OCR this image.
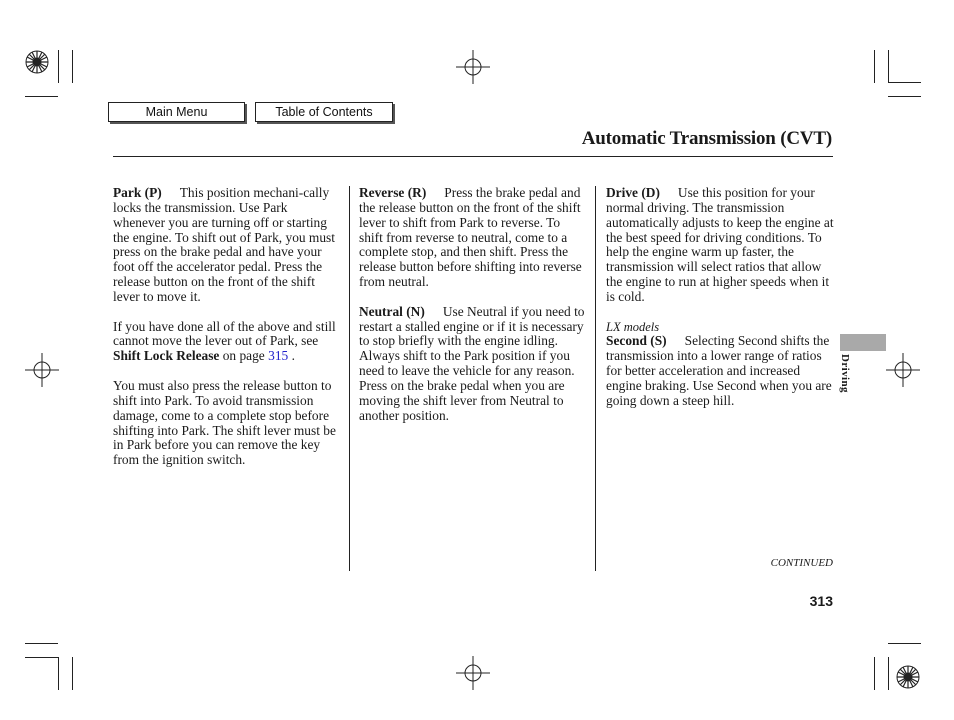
Main Menu	Table of Contents
Automatic Transmission (CVT)

Park (P) This position mechani-cally locks the transmission. Use Park whenever you are turning off or starting the engine. To shift out of Park, you must press on the brake pedal and have your foot off the accelerator pedal. Press the release button on the front of the shift lever to move it.

If you have done all of the above and still cannot move the lever out of Park, see Shift Lock Release on page 315 .

You must also press the release button to shift into Park. To avoid transmission damage, come to a complete stop before shifting into Park. The shift lever must be in Park before you can remove the key from the ignition switch.

Reverse (R) Press the brake pedal and the release button on the front of the shift lever to shift from Park to reverse. To shift from reverse to neutral, come to a complete stop, and then shift. Press the release button before shifting into reverse from neutral.

Neutral (N) Use Neutral if you need to restart a stalled engine or if it is necessary to stop briefly with the engine idling. Always shift to the Park position if you need to leave the vehicle for any reason. Press on the brake pedal when you are moving the shift lever from Neutral to another position.

Drive (D) Use this position for your normal driving. The transmission automatically adjusts to keep the engine at the best speed for driving conditions. To help the engine warm up faster, the transmission will select ratios that allow the engine to run at higher speeds when it is cold.

LX models

Second (S) Selecting Second shifts the transmission into a lower range of ratios for better acceleration and increased engine braking. Use Second when you are going down a steep hill.

Driving
CONTINUED
313
